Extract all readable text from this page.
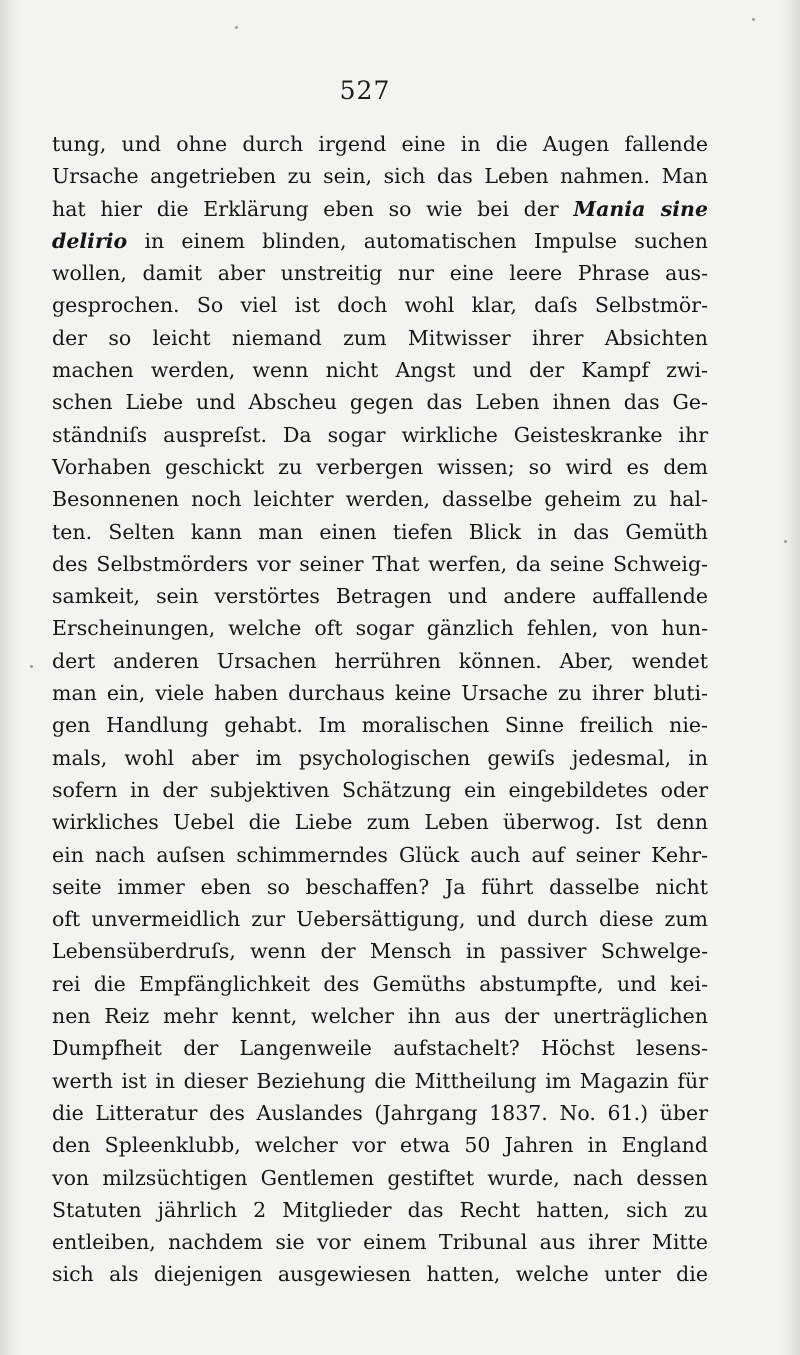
527
tung, und ohne durch irgend eine in die Augen fallende
Ursache angetrieben zu sein, sich das Leben nahmen. Man
hat hier die Erklärung eben so wie bei der Mania sine
delirio in einem blinden, automatischen Impulse suchen
wollen, damit aber unstreitig nur eine leere Phrase aus-
gesprochen. So viel ist doch wohl klar, daſs Selbstmör-
der so leicht niemand zum Mitwisser ihrer Absichten
machen werden, wenn nicht Angst und der Kampf zwi-
schen Liebe und Abscheu gegen das Leben ihnen das Ge-
ständniſs auspreſst. Da sogar wirkliche Geisteskranke ihr
Vorhaben geschickt zu verbergen wissen; so wird es dem
Besonnenen noch leichter werden, dasselbe geheim zu hal-
ten. Selten kann man einen tiefen Blick in das Gemüth
des Selbstmörders vor seiner That werfen, da seine Schweig-
samkeit, sein verstörtes Betragen und andere auffallende
Erscheinungen, welche oft sogar gänzlich fehlen, von hun-
dert anderen Ursachen herrühren können. Aber, wendet
man ein, viele haben durchaus keine Ursache zu ihrer bluti-
gen Handlung gehabt. Im moralischen Sinne freilich nie-
mals, wohl aber im psychologischen gewiſs jedesmal, in
sofern in der subjektiven Schätzung ein eingebildetes oder
wirkliches Uebel die Liebe zum Leben überwog. Ist denn
ein nach auſsen schimmerndes Glück auch auf seiner Kehr-
seite immer eben so beschaffen? Ja führt dasselbe nicht
oft unvermeidlich zur Uebersättigung, und durch diese zum
Lebensüberdruſs, wenn der Mensch in passiver Schwelge-
rei die Empfänglichkeit des Gemüths abstumpfte, und kei-
nen Reiz mehr kennt, welcher ihn aus der unerträglichen
Dumpfheit der Langenweile aufstachelt? Höchst lesens-
werth ist in dieser Beziehung die Mittheilung im Magazin für
die Litteratur des Auslandes (Jahrgang 1837. No. 61.) über
den Spleenklubb, welcher vor etwa 50 Jahren in England
von milzsüchtigen Gentlemen gestiftet wurde, nach dessen
Statuten jährlich 2 Mitglieder das Recht hatten, sich zu
entleiben, nachdem sie vor einem Tribunal aus ihrer Mitte
sich als diejenigen ausgewiesen hatten, welche unter die
